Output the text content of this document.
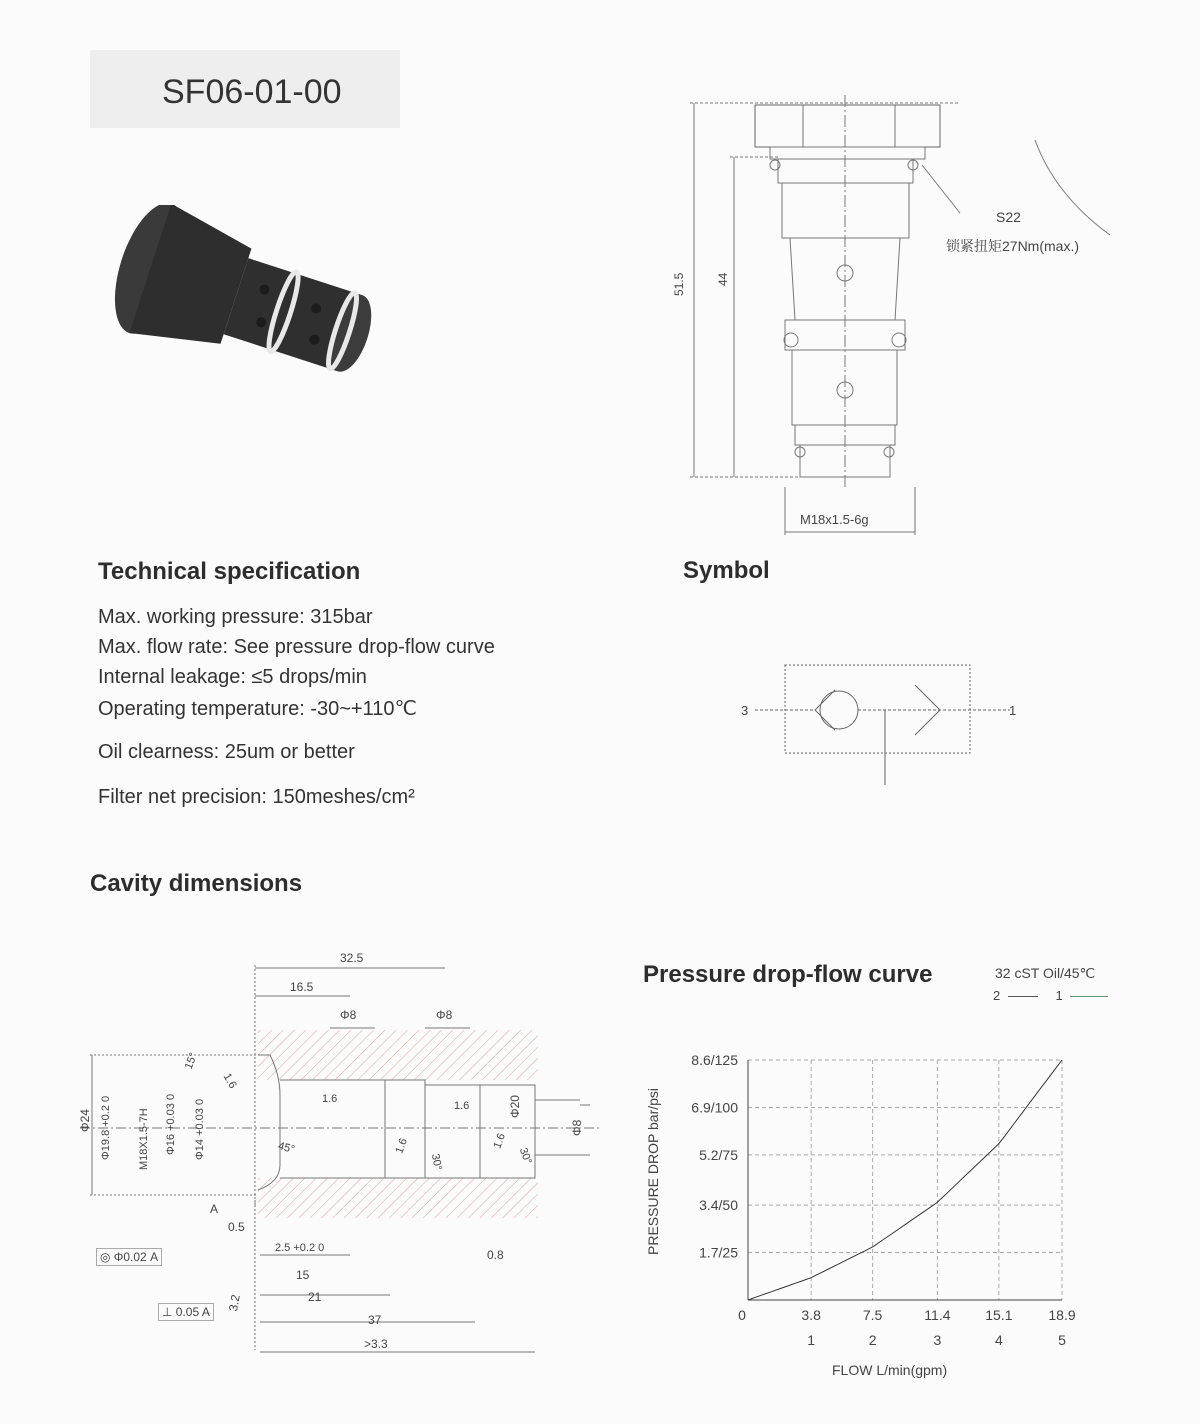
SF06-01-00
51.5	44
S22
锁紧扭矩27Nm(max.)
M18x1.5-6g
Technical specification
Max. working pressure: 315bar
Max. flow rate: See pressure drop-flow curve
Internal leakage: ≤5 drops/min
Operating temperature: -30~+110℃
Oil clearness: 25um or better
Filter net precision: 150meshes/cm²
Symbol
3	1
Cavity dimensions
32.5
16.5
Φ8	Φ8
Φ24 Φ19.8 +0.2 0 M18X1.5-7H Φ16 +0.03 0 Φ14 +0.03 0	Φ20
Φ8
15°
45°
30°	30°
1.6
1.6
1.6
1.6	1.6
A
0.5
◎ Φ0.02 A
2.5 +0.2 0	0.8
15
3.2	21
⊥ 0.05 A
37
>3.3
Pressure drop-flow curve	32 cST Oil/45℃
2	1
8.6/125
6.9/100
5.2/75
3.4/50
1.7/25
0	3.8
1
7.5
2
11.4
3
15.1
4
18.9
5
PRESSURE DROP bar/psi
FLOW L/min(gpm)
